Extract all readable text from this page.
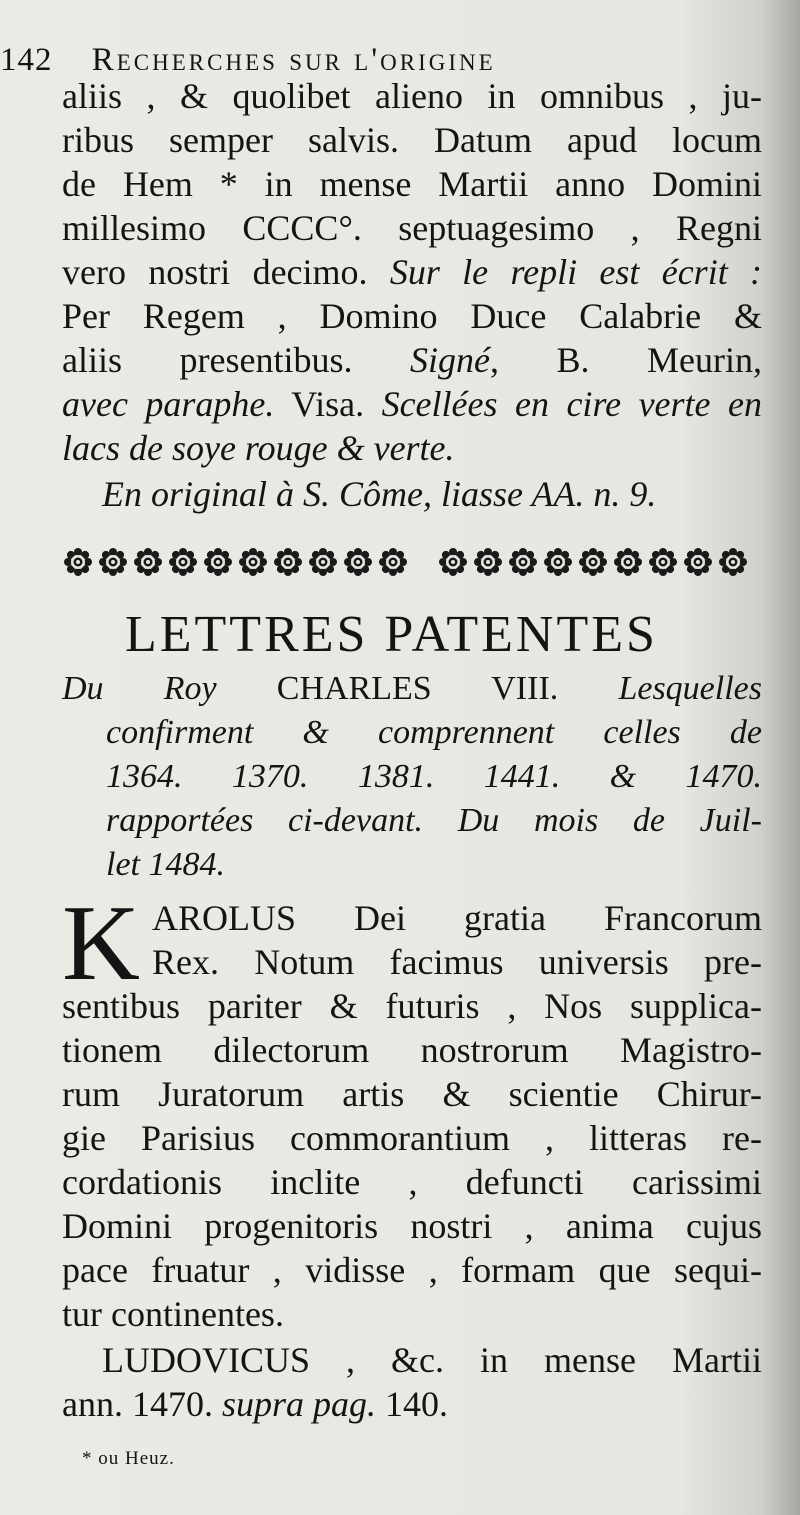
142 Recherches sur l'origine
aliis , & quolibet alieno in omnibus , ju-
ribus semper salvis. Datum apud locum
de Hem * in mense Martii anno Domini
millesimo CCCC°. septuagesimo , Regni
vero nostri decimo. Sur le repli est écrit :
Per Regem , Domino Duce Calabrie &
aliis presentibus. Signé, B. Meurin,
avec paraphe. Visa. Scellées en cire verte en
lacs de soye rouge & verte.
En original à S. Côme, liasse AA. n. 9.
LETTRES PATENTES
Du Roy CHARLES VIII. Lesquelles
confirment & comprennent celles de
1364. 1370. 1381. 1441. & 1470.
rapportées ci-devant. Du mois de Juil-
let 1484.
K AROLUS Dei gratia Francorum
Rex. Notum facimus universis pre-
sentibus pariter & futuris , Nos supplica-
tionem dilectorum nostrorum Magistro-
rum Juratorum artis & scientie Chirur-
gie Parisius commorantium , litteras re-
cordationis inclite , defuncti carissimi
Domini progenitoris nostri , anima cujus
pace fruatur , vidisse , formam que sequi-
tur continentes.
LUDOVICUS , &c. in mense Martii
ann. 1470. supra pag. 140.
* ou Heuz.
